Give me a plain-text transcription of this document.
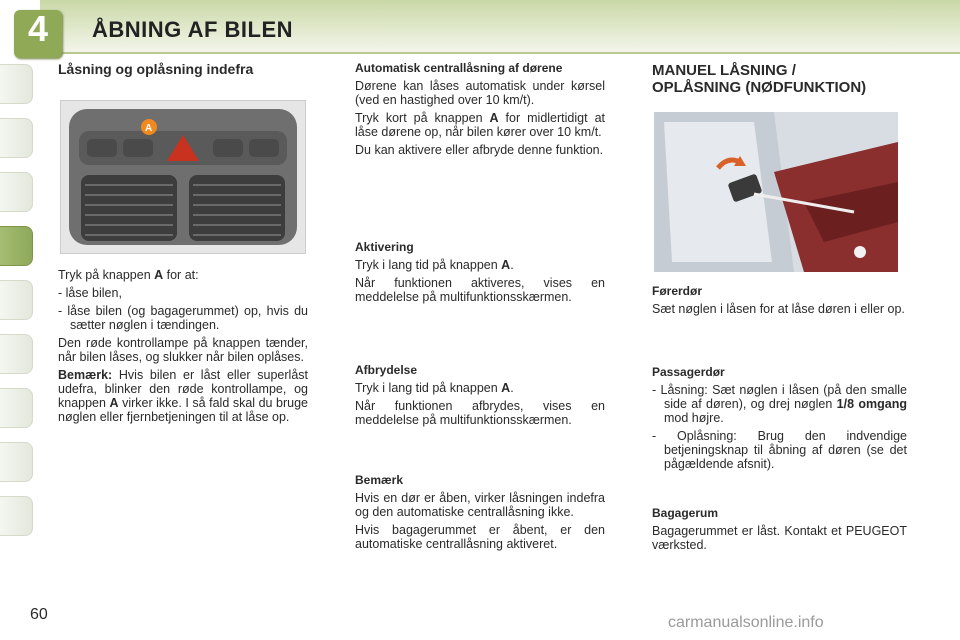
4	ÅBNING AF BILEN
Låsning og oplåsning indefra
A

Tryk på knappen A for at:

- låse bilen,

- låse bilen (og bagagerummet) op, hvis du sætter nøglen i tændingen.

Den røde kontrollampe på knappen tænder, når bilen låses, og slukker når bilen oplåses.

Bemærk: Hvis bilen er låst eller superlåst udefra, blinker den røde kontrollampe, og knappen A virker ikke. I så fald skal du bruge nøglen eller fjernbetjeningen til at låse op.

Automatisk centrallåsning af dørene

Dørene kan låses automatisk under kørsel (ved en hastighed over 10 km/t).

Tryk kort på knappen A for midlertidigt at låse dørene op, når bilen kører over 10 km/t.

Du kan aktivere eller afbryde denne funktion.

Aktivering

Tryk i lang tid på knappen A.

Når funktionen aktiveres, vises en meddelelse på multifunktionsskærmen.

Afbrydelse

Tryk i lang tid på knappen A.

Når funktionen afbrydes, vises en meddelelse på multifunktionsskærmen.

Bemærk

Hvis en dør er åben, virker låsningen indefra og den automatiske centrallåsning ikke.

Hvis bagagerummet er åbent, er den automatiske centrallåsning aktiveret.

MANUEL LÅSNING /
OPLÅSNING (NØDFUNKTION)

Førerdør

Sæt nøglen i låsen for at låse døren i eller op.

Passagerdør

- Låsning: Sæt nøglen i låsen (på den smalle side af døren), og drej nøglen 1/8 omgang mod højre.

- Oplåsning: Brug den indvendige betjeningsknap til åbning af døren (se det pågældende afsnit).

Bagagerum

Bagagerummet er låst. Kontakt et PEUGEOT værksted.

60	carmanualsonline.info
